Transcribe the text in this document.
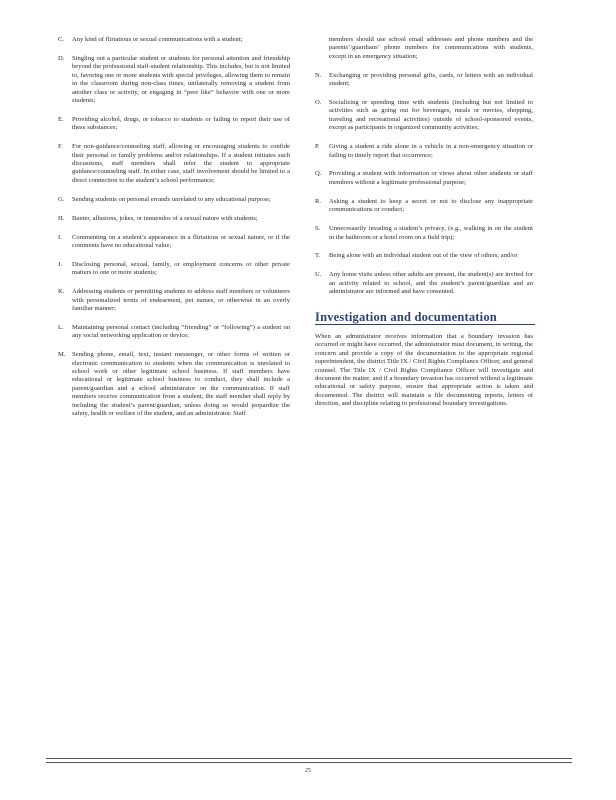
C.	Any kind of flirtatious or sexual communications with a student;
D.	Singling out a particular student or students for personal attention and friendship beyond the professional staff-student relationship. This includes, but is not limited to, favoring one or more students with special privileges, allowing them to remain in the classroom during non-class times, unilaterally removing a student from another class or activity, or engaging in “peer like” behavior with one or more students;
E.	Providing alcohol, drugs, or tobacco to students or failing to report their use of these substances;
F.	For non-guidance/counseling staff, allowing or encouraging students to confide their personal or family problems and/or relationships. If a student initiates such discussions, staff members shall refer the student to appropriate guidance/counseling staff. In either case, staff involvement should be limited to a direct connection to the student’s school performance;
G.	Sending students on personal errands unrelated to any educational purpose;
H.	Banter, allusions, jokes, or innuendos of a sexual nature with students;
I.	Commenting on a student’s appearance in a flirtatious or sexual nature, or if the comments have no educational value;
J.	Disclosing personal, sexual, family, or employment concerns or other private matters to one or more students;
K.	Addressing students or permitting students to address staff members or volunteers with personalized terms of endearment, pet names, or otherwise in an overly familiar manner;
L.	Maintaining personal contact (including “friending” or “following”) a student on any social networking application or device;
M. Sending phone, email, text, instant messenger, or other forms of written or electronic communication to students when the communication is unrelated to school work or other legitimate school business. If staff members have educational or legitimate school business to conduct, they shall include a parent/guardian and a school administrator on the communication. If staff members receive communication from a student, the staff member shall reply by including the student’s parent/guardian, unless doing so would jeopardize the safety, health or welfare of the student, and an administrator. Staff
members should use school email addresses and phone numbers and the parents’/guardians’ phone numbers for communications with students, except in an emergency situation;
N.	Exchanging or providing personal gifts, cards, or letters with an individual student;
O.	Socializing or spending time with students (including but not limited to activities such as going out for beverages, meals or movies, shopping, traveling and recreational activities) outside of school-sponsored events, except as participants in organized community activities;
P.	Giving a student a ride alone in a vehicle in a non-emergency situation or failing to timely report that occurrence;
Q.	Providing a student with information or views about other students or staff members without a legitimate professional purpose;
R.	Asking a student to keep a secret or not to disclose any inappropriate communications or conduct;
S.	Unnecessarily invading a student’s privacy, (e.g., walking in on the student in the bathroom or a hotel room on a field trip);
T.	Being alone with an individual student out of the view of others; and/or
U.	Any home visits unless other adults are present, the student(s) are invited for an activity related to school, and the student’s parent/guardian and an administrator are informed and have consented.
Investigation and documentation
When an administrator receives information that a boundary invasion has occurred or might have occurred, the administrator must document, in writing, the concern and provide a copy of the documentation to the appropriate regional superintendent, the district Title IX / Civil Rights Compliance Officer, and general counsel. The Title IX / Civil Rights Compliance Officer will investigate and document the matter, and if a boundary invasion has occurred without a legitimate educational or safety purpose, ensure that appropriate action is taken and documented. The district will maintain a file documenting reports, letters of direction, and discipline relating to professional boundary investigations.
25
